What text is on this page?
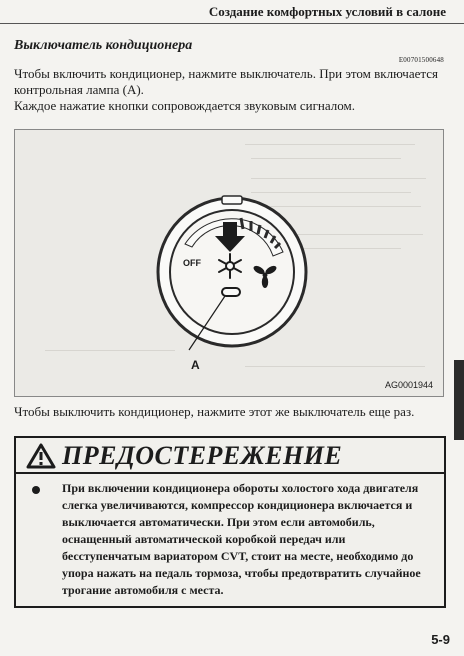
Создание комфортных условий в салоне
Выключатель кондиционера
E00701500648

Чтобы включить кондиционер, нажмите выключатель. При этом включается контрольная лампа (A).

Каждое нажатие кнопки сопровождается звуковым сигналом.

OFF
A
AG0001944

Чтобы выключить кондиционер, нажмите этот же выключатель еще раз.

ПРЕДОСТЕРЕЖЕНИЕ

При включении кондиционера обороты холостого хода двигателя слегка увеличиваются, компрессор кондиционера включается и выключается автоматически. При этом если автомобиль, оснащенный автоматической коробкой передач или бесступенчатым вариатором CVT, стоит на месте, необходимо до упора нажать на педаль тормоза, чтобы предотвратить случайное трогание автомобиля с места.

5-9
